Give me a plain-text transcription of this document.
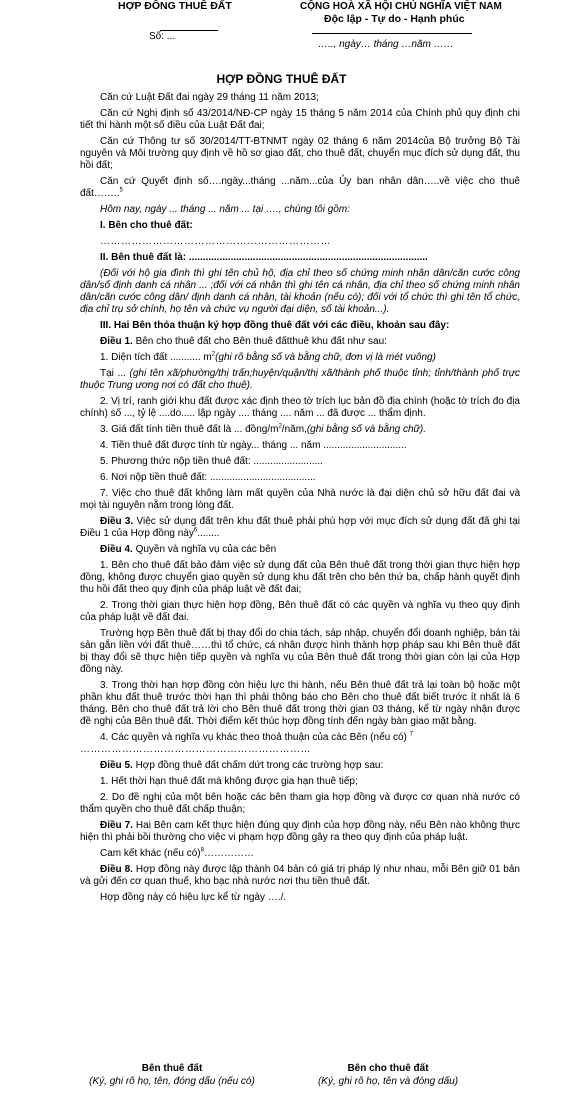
HỢP ĐỒNG THUÊ ĐẤT
Số: ...
CỘNG HOÀ XÃ HỘI CHỦ NGHĨA VIỆT NAM
Độc lập - Tự do - Hạnh phúc
….., ngày… tháng …năm ……
HỢP ĐỒNG THUÊ ĐẤT

Căn cứ Luật Đất đai ngày 29 tháng 11 năm 2013;

Căn cứ Nghị định số 43/2014/NĐ-CP ngày 15 tháng 5 năm 2014 của Chính phủ quy định chi tiết thi hành một số điều của Luật Đất đai;

Căn cứ Thông tư số 30/2014/TT-BTNMT ngày 02 tháng 6 năm 2014của Bộ trưởng Bộ Tài nguyên và Môi trường quy định về hồ sơ giao đất, cho thuê đất, chuyển mục đích sử dụng đất, thu hồi đất;

Căn cứ Quyết định số….ngày...tháng ...năm...của Ủy ban nhân dân…..về việc cho thuê đất……..$^5$

Hôm nay, ngày ... tháng ... năm ... tại …., chúng tôi gồm:

I. Bên cho thuê đất:

…………………………………………………………

II. Bên thuê đất là: ......................................................................................

(Đối với hộ gia đình thì ghi tên chủ hộ, địa chỉ theo số chứng minh nhân dân/căn cước công dân/số định danh cá nhân ... ;đối với cá nhân thì ghi tên cá nhân, địa chỉ theo số chứng minh nhân dân/căn cước công dân/ định danh cá nhân, tài khoản (nếu có); đối với tổ chức thì ghi tên tổ chức, địa chỉ trụ sở chính, họ tên và chức vụ người đại diện, số tài khoản...).

III. Hai Bên thỏa thuận ký hợp đồng thuê đất với các điều, khoản sau đây:

Điều 1. Bên cho thuê đất cho Bên thuê đấtthuê khu đất như sau:

1. Diện tích đất ........... $m^2(ghi$ rõ bằng số và bằng chữ, đơn vị là mét vuông)

Tại ... (ghi tên xã/phường/thị trấn;huyện/quận/thị xã/thành phố thuộc tỉnh; tỉnh/thành phố trực thuộc Trung ương nơi có đất cho thuê).

2. Vị trí, ranh giới khu đất được xác định theo tờ trích lục bản đồ địa chính (hoặc tờ trích đo địa chính) số ..., tỷ lệ ....do..... lập ngày .... tháng .... năm ... đã được ... thẩm định.

3. Giá đất tính tiền thuê đất là ... đồng/$m^2/năm,(ghi$ bằng số và bằng chữ).

4. Tiền thuê đất được tính từ ngày... tháng ... năm ..............................

5. Phương thức nộp tiền thuê đất: .........................

6. Nơi nộp tiền thuê đất: ......................................

7. Việc cho thuê đất không làm mất quyền của Nhà nước là đại diện chủ sở hữu đất đai và mọi tài nguyên nằm trong lòng đất.

Điều 3. Việc sử dụng đất trên khu đất thuê phải phù hợp với mục đích sử dụng đất đã ghi tại Điều 1 của Hợp đồng này$^6$........

Điều 4. Quyền và nghĩa vụ của các bên

1. Bên cho thuê đất bảo đảm việc sử dụng đất của Bên thuê đất trong thời gian thực hiện hợp đồng, không được chuyển giao quyền sử dụng khu đất trên cho bên thứ ba, chấp hành quyết định thu hồi đất theo quy định của pháp luật về đất đai;

2. Trong thời gian thực hiện hợp đồng, Bên thuê đất có các quyền và nghĩa vụ theo quy định của pháp luật về đất đai.

Trường hợp Bên thuê đất bị thay đổi do chia tách, sáp nhập, chuyển đổi doanh nghiệp, bán tài sản gắn liền với đất thuê……thì tổ chức, cá nhân được hình thành hợp pháp sau khi Bên thuê đất bị thay đổi sẽ thực hiện tiếp quyền và nghĩa vụ của Bên thuê đất trong thời gian còn lại của Hợp đồng này.

3. Trong thời hạn hợp đồng còn hiệu lực thi hành, nếu Bên thuê đất trả lại toàn bộ hoặc một phần khu đất thuê trước thời hạn thì phải thông báo cho Bên cho thuê đất biết trước ít nhất là 6 tháng. Bên cho thuê đất trả lời cho Bên thuê đất trong thời gian 03 tháng, kể từ ngày nhận được đề nghị của Bên thuê đất. Thời điểm kết thúc hợp đồng tính đến ngày bàn giao mặt bằng.

4. Các quyền và nghĩa vụ khác theo thoả thuận của các Bên (nếu có) $^7$
…………………………………………………………

Điều 5. Hợp đồng thuê đất chấm dứt trong các trường hợp sau:

1. Hết thời hạn thuê đất mà không được gia hạn thuê tiếp;

2. Do đề nghị của một bên hoặc các bên tham gia hợp đồng và được cơ quan nhà nước có thẩm quyền cho thuê đất chấp thuận;

Điều 7. Hai Bên cam kết thực hiện đúng quy định của hợp đồng này, nếu Bên nào không thực hiện thì phải bồi thường cho việc vi phạm hợp đồng gây ra theo quy định của pháp luật.

Cam kết khác (nếu có)$^8$……………

Điều 8. Hợp đồng này được lập thành 04 bản có giá trị pháp lý như nhau, mỗi Bên giữ 01 bản và gửi đến cơ quan thuế, kho bạc nhà nước nơi thu tiền thuê đất.

Hợp đồng này có hiệu lực kể từ ngày …./.

Bên thuê đất
(Ký, ghi rõ họ, tên, đóng dấu (nếu có)
Bên cho thuê đất
(Ký, ghi rõ họ, tên và đóng dấu)
